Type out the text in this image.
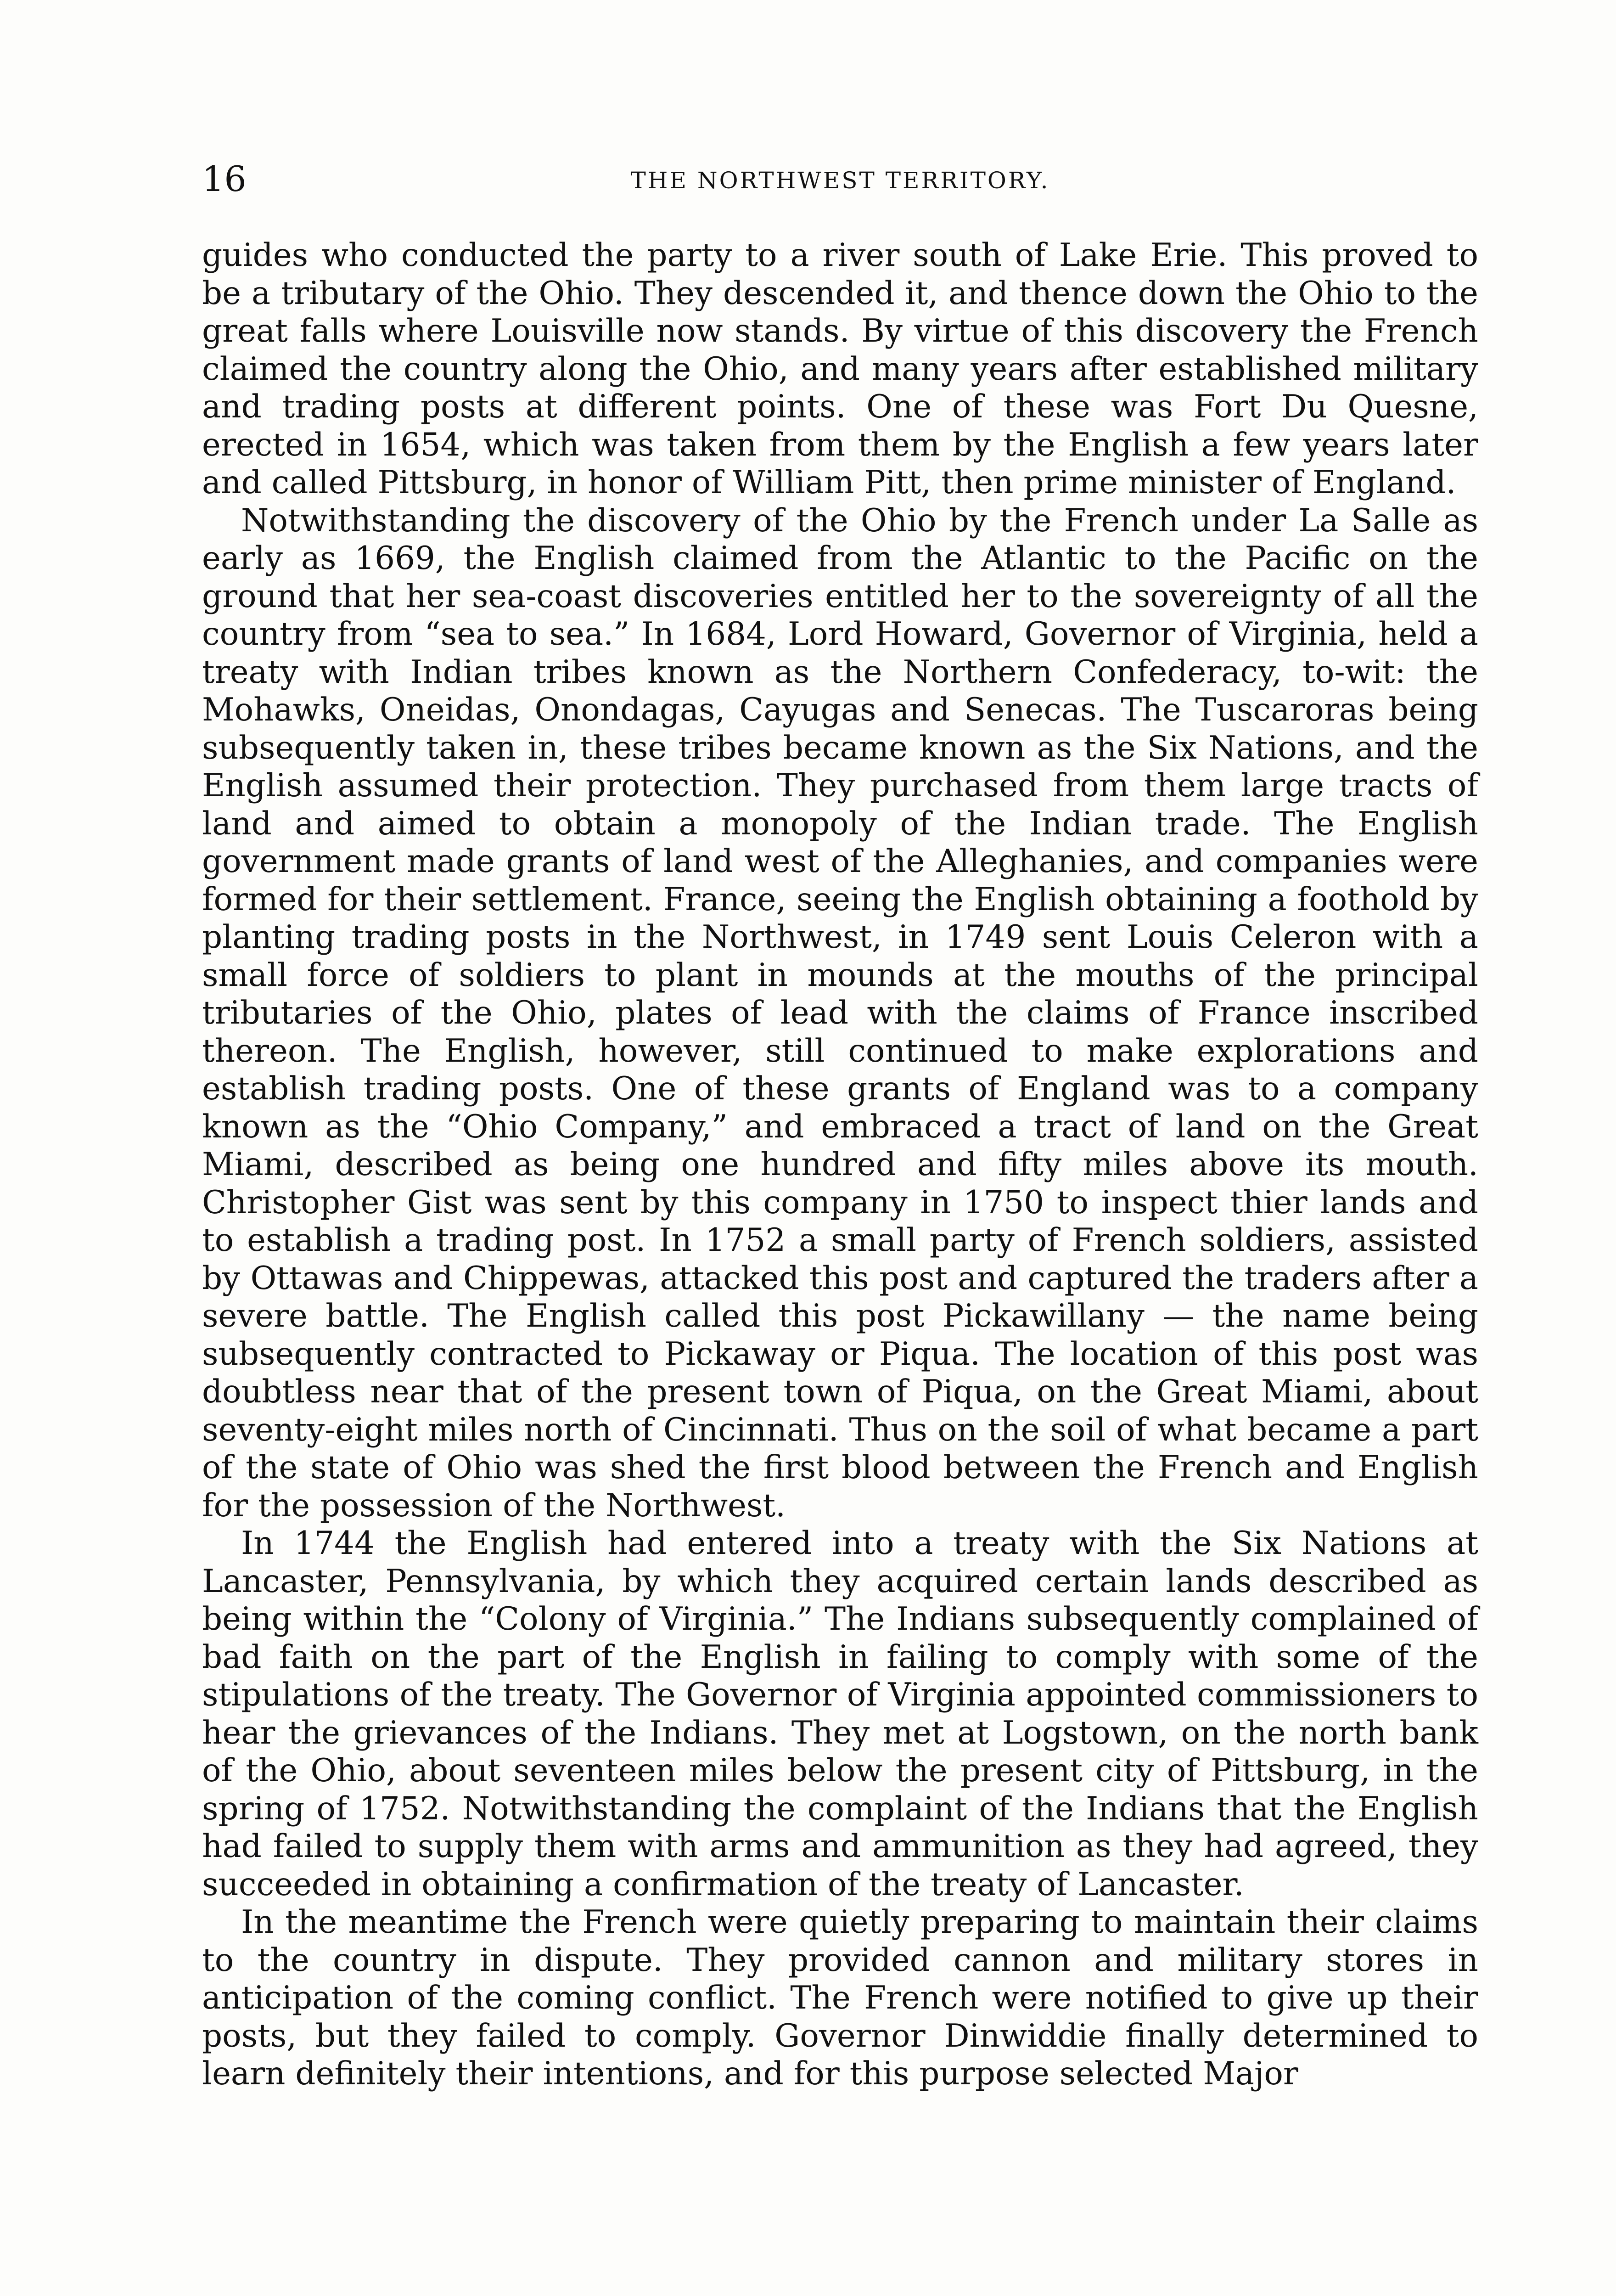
16	THE NORTHWEST TERRITORY.

guides who conducted the party to a river south of Lake Erie. This proved to be a tributary of the Ohio. They descended it, and thence down the Ohio to the great falls where Louisville now stands. By virtue of this discovery the French claimed the country along the Ohio, and many years after established military and trading posts at different points. One of these was Fort Du Quesne, erected in 1654, which was taken from them by the English a few years later and called Pittsburg, in honor of William Pitt, then prime minister of England.

Notwithstanding the discovery of the Ohio by the French under La Salle as early as 1669, the English claimed from the Atlantic to the Pacific on the ground that her sea-coast discoveries entitled her to the sovereignty of all the country from “sea to sea.” In 1684, Lord Howard, Governor of Virginia, held a treaty with Indian tribes known as the Northern Confederacy, to-wit: the Mohawks, Oneidas, Onondagas, Cayugas and Senecas. The Tuscaroras being subsequently taken in, these tribes became known as the Six Nations, and the English assumed their protection. They purchased from them large tracts of land and aimed to obtain a monopoly of the Indian trade. The English government made grants of land west of the Alleghanies, and companies were formed for their settlement. France, seeing the English obtaining a foothold by planting trading posts in the Northwest, in 1749 sent Louis Celeron with a small force of soldiers to plant in mounds at the mouths of the principal tributaries of the Ohio, plates of lead with the claims of France inscribed thereon. The English, however, still continued to make explorations and establish trading posts. One of these grants of England was to a company known as the “Ohio Company,” and embraced a tract of land on the Great Miami, described as being one hundred and fifty miles above its mouth. Christopher Gist was sent by this company in 1750 to inspect thier lands and to establish a trading post. In 1752 a small party of French soldiers, assisted by Ottawas and Chippewas, attacked this post and captured the traders after a severe battle. The English called this post Pickawillany — the name being subsequently contracted to Pickaway or Piqua. The location of this post was doubtless near that of the present town of Piqua, on the Great Miami, about seventy-eight miles north of Cincinnati. Thus on the soil of what became a part of the state of Ohio was shed the first blood between the French and English for the possession of the Northwest.

In 1744 the English had entered into a treaty with the Six Nations at Lancaster, Pennsylvania, by which they acquired certain lands described as being within the “Colony of Virginia.” The Indians subsequently complained of bad faith on the part of the English in failing to comply with some of the stipulations of the treaty. The Governor of Virginia appointed commissioners to hear the grievances of the Indians. They met at Logstown, on the north bank of the Ohio, about seventeen miles below the present city of Pittsburg, in the spring of 1752. Notwithstanding the complaint of the Indians that the English had failed to supply them with arms and ammunition as they had agreed, they succeeded in obtaining a confirmation of the treaty of Lancaster.

In the meantime the French were quietly preparing to maintain their claims to the country in dispute. They provided cannon and military stores in anticipation of the coming conflict. The French were notified to give up their posts, but they failed to comply. Governor Dinwiddie finally determined to learn definitely their intentions, and for this purpose selected Major
